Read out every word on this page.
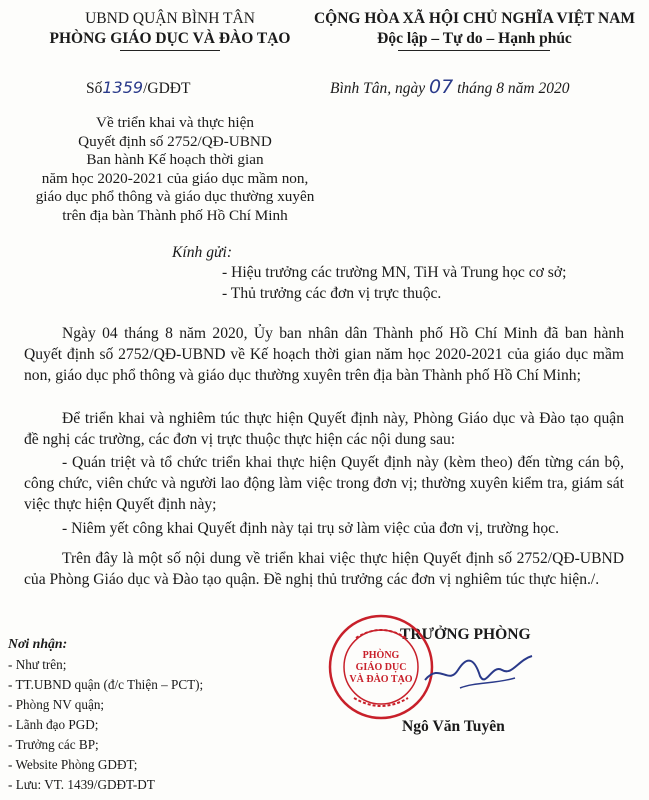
UBND QUẬN BÌNH TÂN
PHÒNG GIÁO DỤC VÀ ĐÀO TẠO
CỘNG HÒA XÃ HỘI CHỦ NGHĨA VIỆT NAM
Độc lập – Tự do – Hạnh phúc
Số1359/GDĐT	Bình Tân, ngày 07 tháng 8 năm 2020
Về triển khai và thực hiện
Quyết định số 2752/QĐ-UBND
Ban hành Kế hoạch thời gian
năm học 2020-2021 của giáo dục mầm non,
giáo dục phổ thông và giáo dục thường xuyên
trên địa bàn Thành phố Hồ Chí Minh
Kính gửi:
- Hiệu trưởng các trường MN, TiH và Trung học cơ sở;
- Thủ trưởng các đơn vị trực thuộc.
Ngày 04 tháng 8 năm 2020, Ủy ban nhân dân Thành phố Hồ Chí Minh đã ban hành Quyết định số 2752/QĐ-UBND về Kế hoạch thời gian năm học 2020-2021 của giáo dục mầm non, giáo dục phổ thông và giáo dục thường xuyên trên địa bàn Thành phố Hồ Chí Minh;
Để triển khai và nghiêm túc thực hiện Quyết định này, Phòng Giáo dục và Đào tạo quận đề nghị các trường, các đơn vị trực thuộc thực hiện các nội dung sau:
- Quán triệt và tổ chức triển khai thực hiện Quyết định này (kèm theo) đến từng cán bộ, công chức, viên chức và người lao động làm việc trong đơn vị; thường xuyên kiểm tra, giám sát việc thực hiện Quyết định này;
- Niêm yết công khai Quyết định này tại trụ sở làm việc của đơn vị, trường học.
Trên đây là một số nội dung về triển khai việc thực hiện Quyết định số 2752/QĐ-UBND của Phòng Giáo dục và Đào tạo quận. Đề nghị thủ trưởng các đơn vị nghiêm túc thực hiện./.
Nơi nhận:
- Như trên;
- TT.UBND quận (đ/c Thiện – PCT);
- Phòng NV quận;
- Lãnh đạo PGD;
- Trưởng các BP;
- Website Phòng GDĐT;
- Lưu: VT. 1439/GDĐT-DT
TRƯỞNG PHÒNG
PHÒNG
GIÁO DỤC
VÀ ĐÀO TẠO
Ngô Văn Tuyên
